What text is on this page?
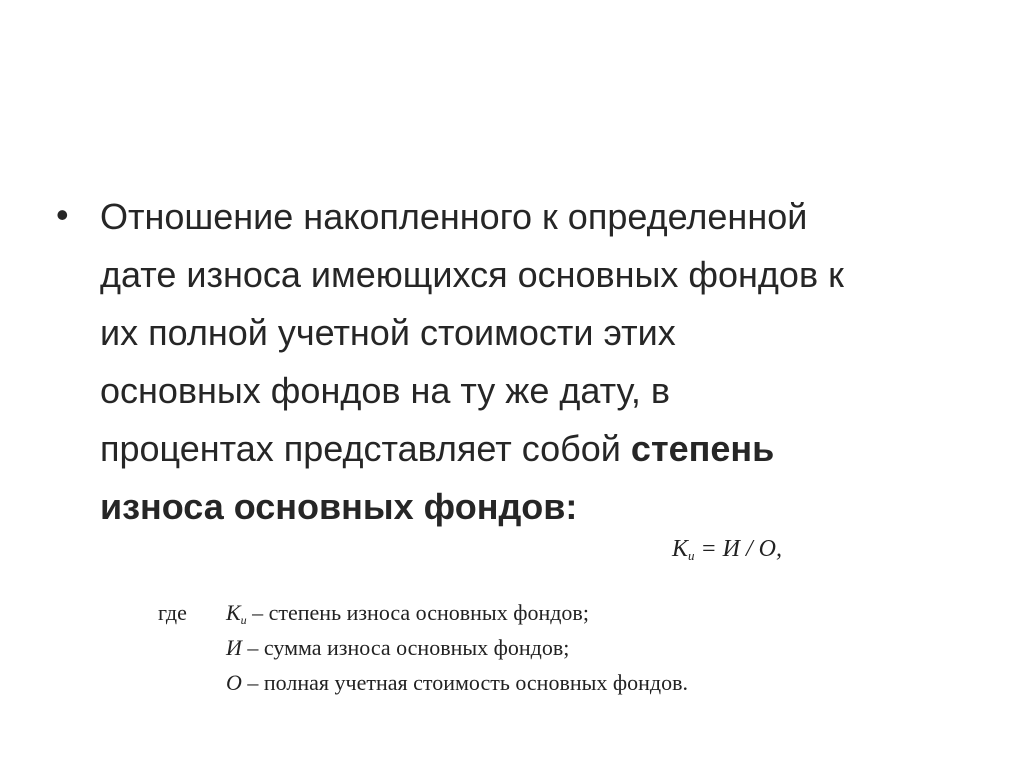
• Отношение накопленного к определенной
дате износа имеющихся основных фондов к
их полной учетной стоимости этих
основных фондов на ту же дату, в
процентах представляет собой степень
износа основных фондов:
$К_и = И / О$,
где	$К_и$ – степень износа основных фондов;
И – сумма износа основных фондов;
О – полная учетная стоимость основных фондов.
